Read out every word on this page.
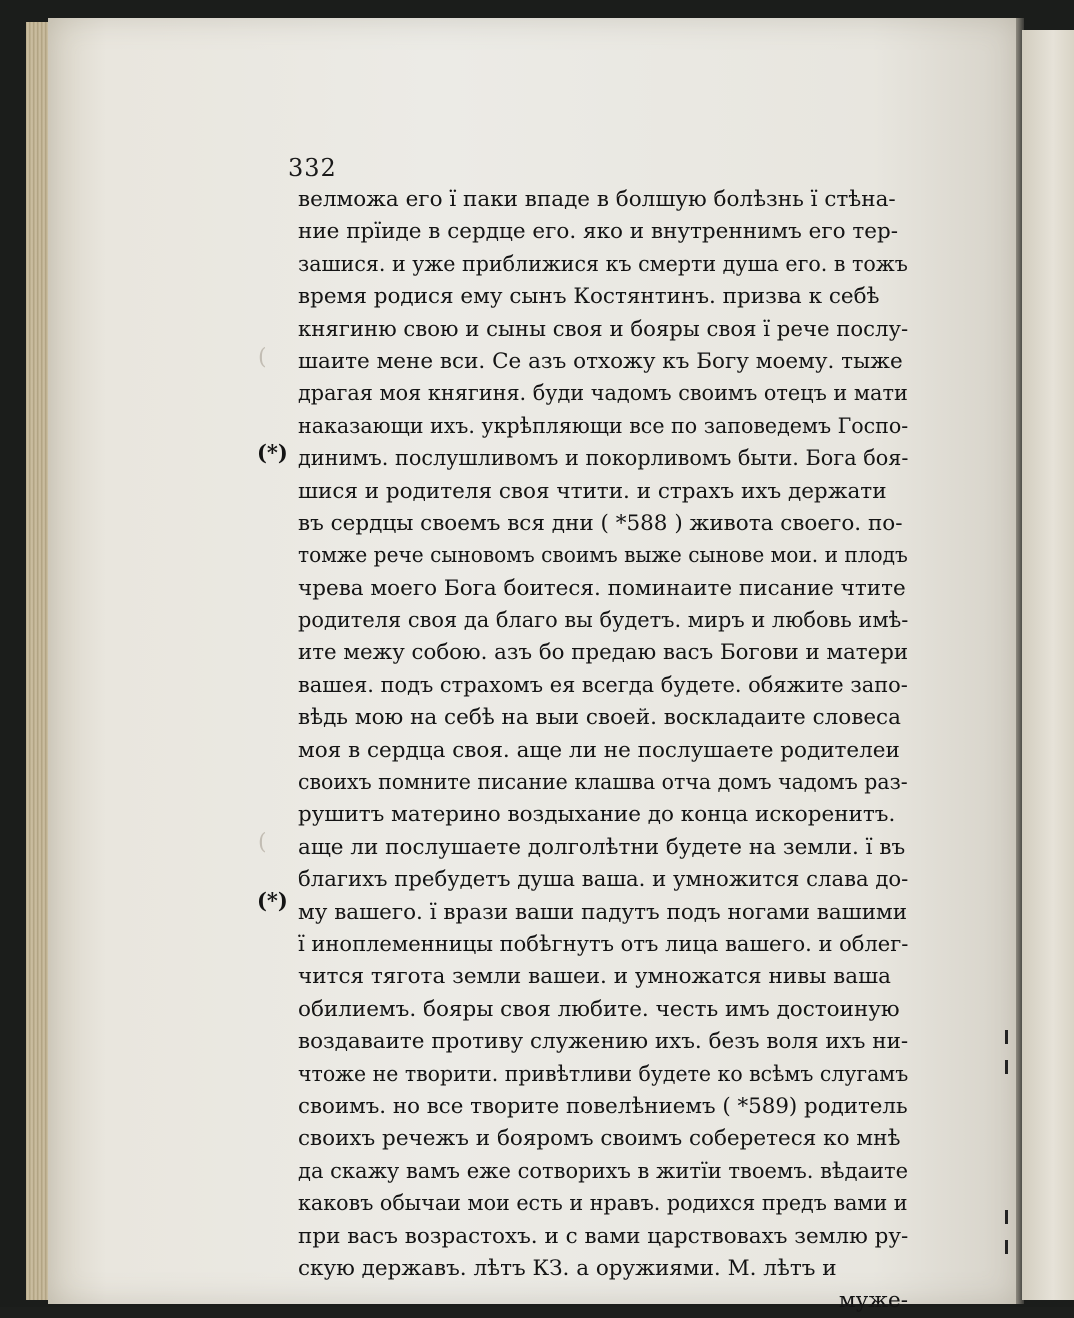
(
(
332
(*)
(*)
велможа его ї паки впаде в болшую болѣзнь ї стѣна-
ние прїиде в сердце его. яко и внутреннимъ его тер-
зашися. и уже приближися къ смерти душа его. в тожъ
время родися ему сынъ Костянтинъ. призва к себѣ
княгиню свою и сыны своя и бояры своя ї рече послу-
шаите мене вси. Се азъ отхожу къ Богу моему. тыже
драгая моя княгиня. буди чадомъ своимъ отецъ и мати
наказающи ихъ. укрѣпляющи все по заповедемъ Госпо-
динимъ. послушливомъ и покорливомъ быти. Бога боя-
шися и родителя своя чтити. и страхъ ихъ держати
въ сердцы своемъ вся дни ( *588 ) живота своего. по-
томже рече сыновомъ своимъ выже сынове мои. и плодъ
чрева моего Бога боитеся. поминаите писание чтите
родителя своя да благо вы будетъ. миръ и любовь имѣ-
ите межу собою. азъ бо предаю васъ Богови и матери
вашея. подъ страхомъ ея всегда будете. обяжите запо-
вѣдь мою на себѣ на выи своей. воскладаите словеса
моя в сердца своя. аще ли не послушаете родителеи
своихъ помните писание клашва отча домъ чадомъ раз-
рушитъ материно воздыхание до конца искоренитъ.
аще ли послушаете долголѣтни будете на земли. ї въ
благихъ пребудетъ душа ваша. и умножится слава до-
му вашего. ї врази ваши падутъ подъ ногами вашими
ї иноплеменницы побѣгнутъ отъ лица вашего. и облег-
чится тягота земли вашеи. и умножатся нивы ваша
обилиемъ. бояры своя любите. честь имъ достоиную
воздаваите противу служению ихъ. безъ воля ихъ ни-
чтоже не творити. привѣтливи будете ко всѣмъ слугамъ
своимъ. но все творите повелѣниемъ ( *589) родитель
своихъ речежъ и бояромъ своимъ соберетеся ко мнѣ
да скажу вамъ еже сотворихъ в житїи твоемъ. вѣдаите
каковъ обычаи мои есть и нравъ. родихся предъ вами и
при васъ возрастохъ. и с вами царствовахъ землю ру-
скую державъ. лѣтъ КЗ. а оружиями. М. лѣтъ и
муже-
